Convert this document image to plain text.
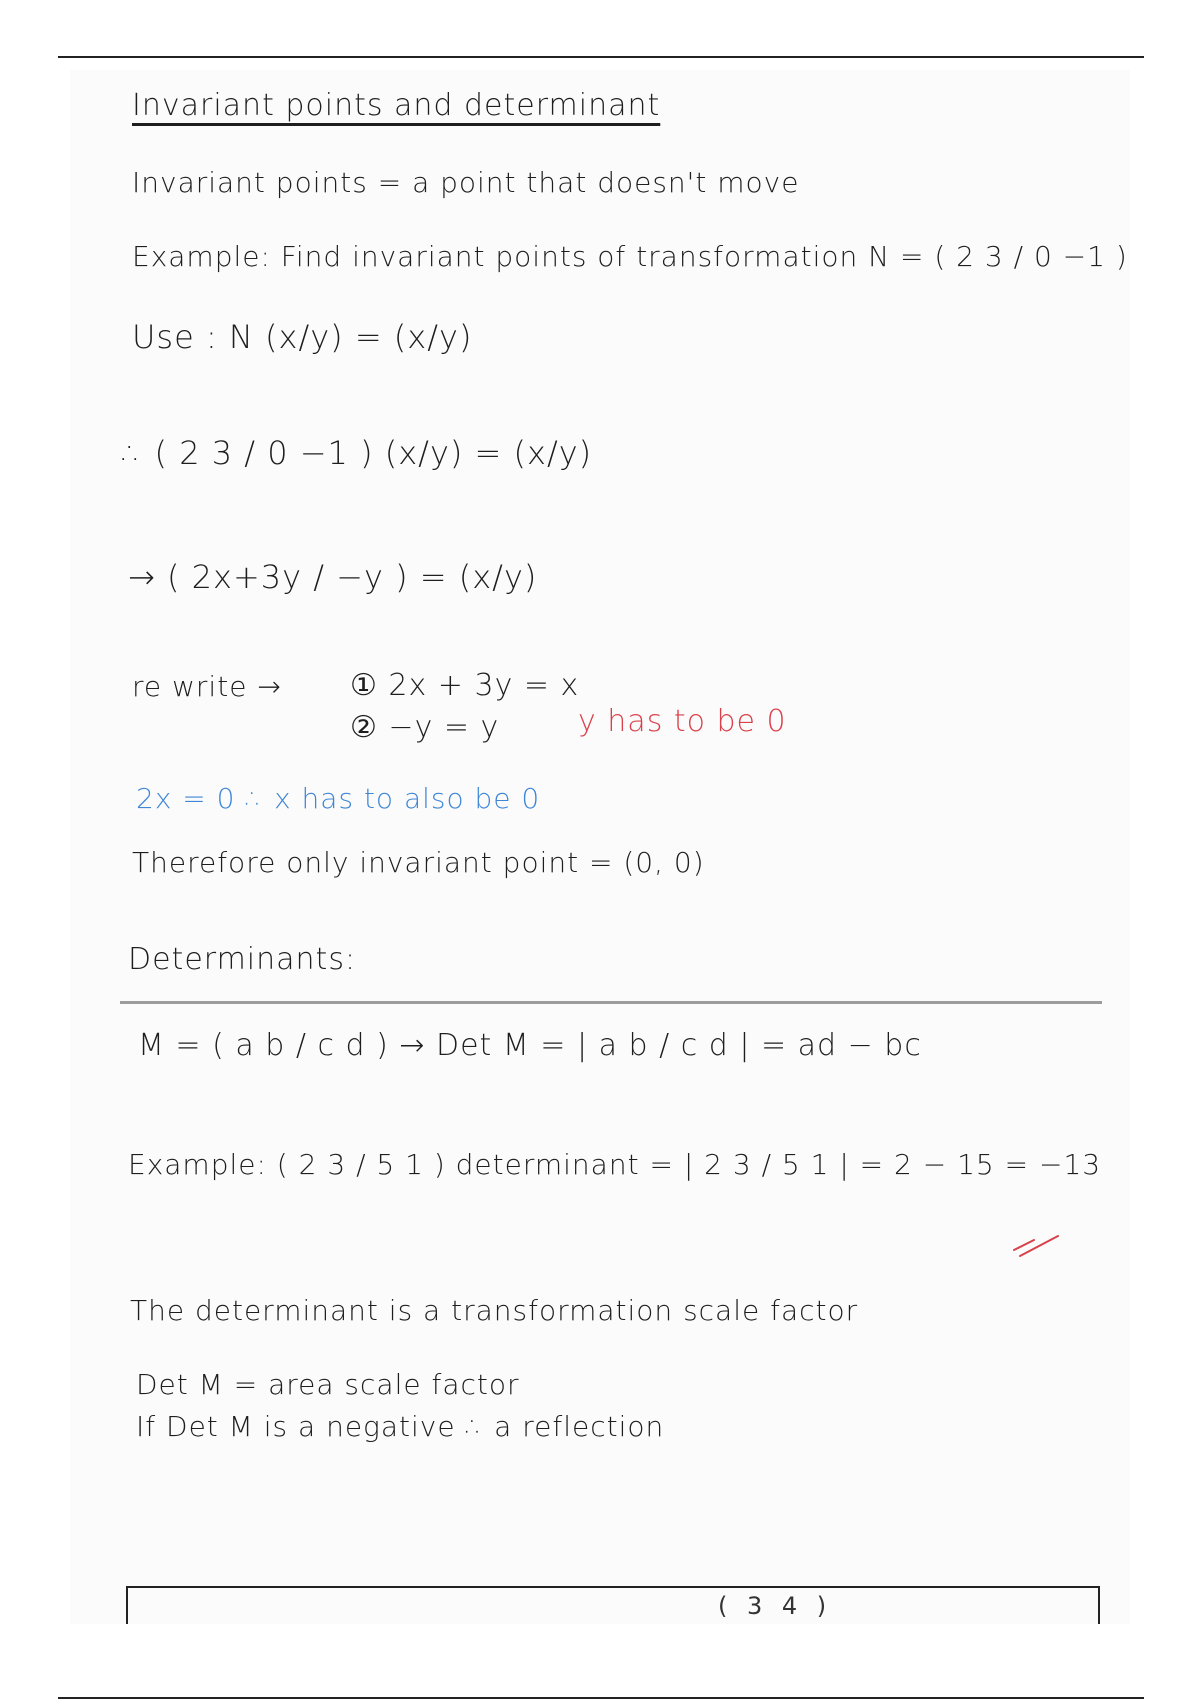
Invariant points and determinant
Invariant points = a point that doesn't move
Example: Find invariant points of transformation N = ( 2 3 / 0 −1 )
Use : N (x/y) = (x/y)
∴ ( 2 3 / 0 −1 ) (x/y) = (x/y)
→ ( 2x+3y / −y ) = (x/y)
re write → ① 2x + 3y = x
② −y = y	y has to be 0
2x = 0 ∴ x has to also be 0
Therefore only invariant point = (0, 0)
Determinants:
M = ( a b / c d ) → Det M = | a b / c d | = ad − bc
Example: ( 2 3 / 5 1 ) determinant = | 2 3 / 5 1 | = 2 − 15 = −13
The determinant is a transformation scale factor
Det M = area scale factor
If Det M is a negative ∴ a reflection
( 3 4 )
